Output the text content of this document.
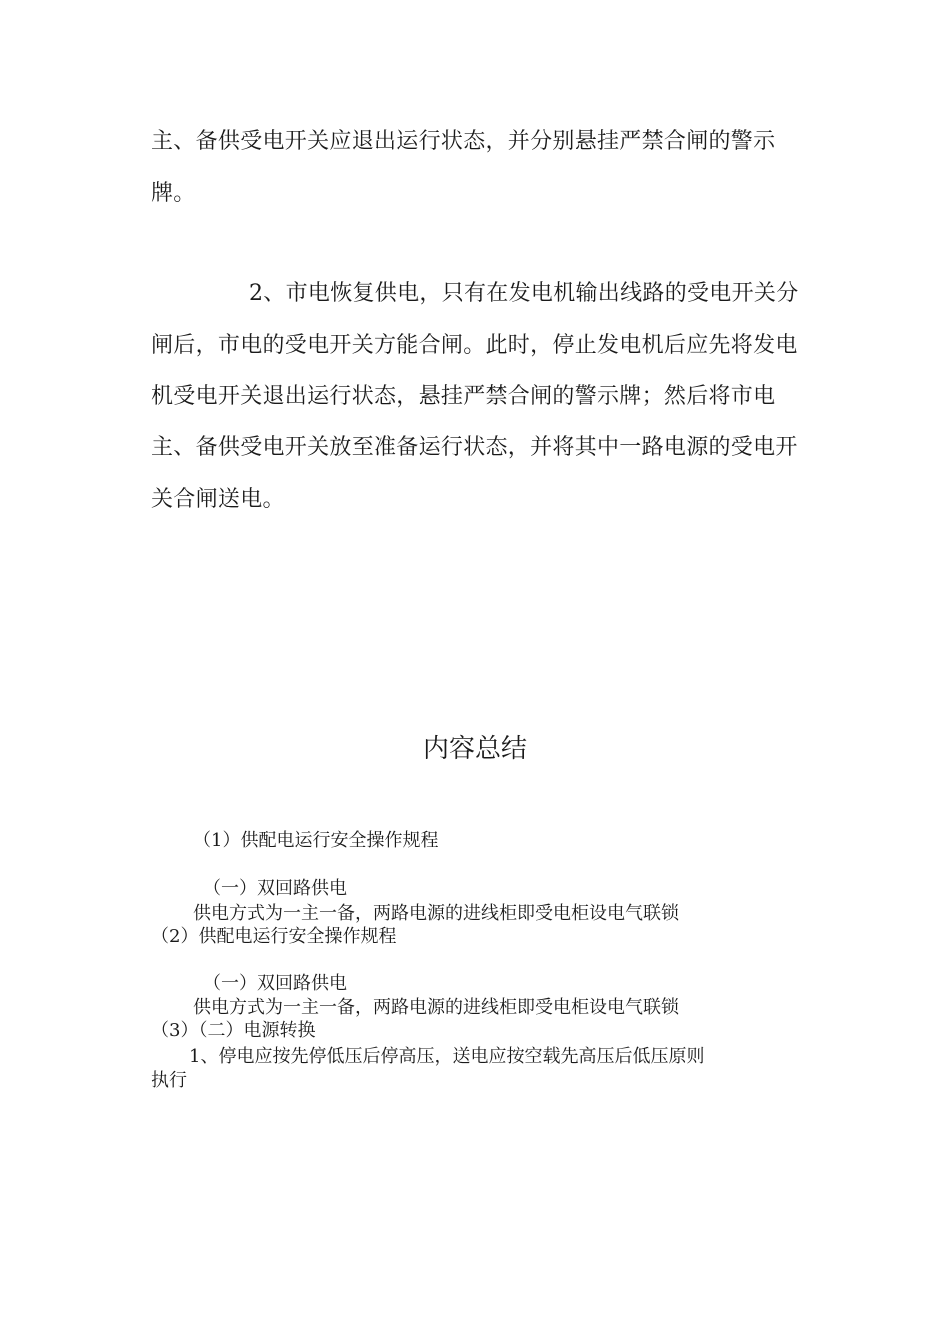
主、备供受电开关应退出运行状态，并分别悬挂严禁合闸的警示

牌。

2、市电恢复供电，只有在发电机输出线路的受电开关分

闸后，市电的受电开关方能合闸。此时，停止发电机后应先将发电

机受电开关退出运行状态，悬挂严禁合闸的警示牌；然后将市电

主、备供受电开关放至准备运行状态，并将其中一路电源的受电开

关合闸送电。

内容总结

（1）供配电运行安全操作规程

（一）双回路供电

供电方式为一主一备，两路电源的进线柜即受电柜设电气联锁

（2）供配电运行安全操作规程

（一）双回路供电

供电方式为一主一备，两路电源的进线柜即受电柜设电气联锁

（3）（二）电源转换

1、停电应按先停低压后停高压，送电应按空载先高压后低压原则

执行
